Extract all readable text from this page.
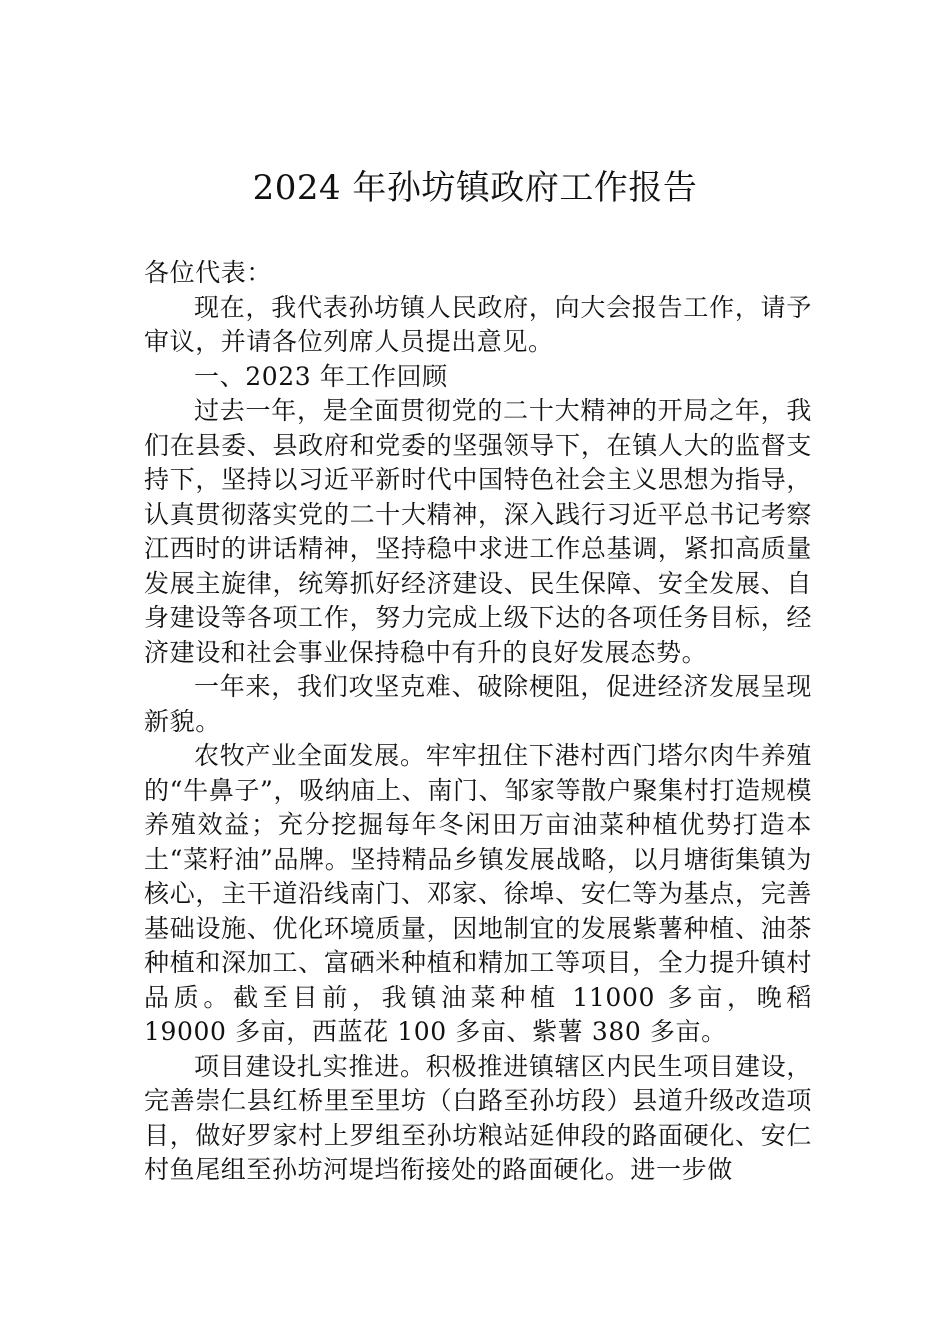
2024 年孙坊镇政府工作报告

各位代表：

现在，我代表孙坊镇人民政府，向大会报告工作，请予审议，并请各位列席人员提出意见。

一、2023 年工作回顾

过去一年，是全面贯彻党的二十大精神的开局之年，我们在县委、县政府和党委的坚强领导下，在镇人大的监督支持下，坚持以习近平新时代中国特色社会主义思想为指导，认真贯彻落实党的二十大精神，深入践行习近平总书记考察江西时的讲话精神，坚持稳中求进工作总基调，紧扣高质量发展主旋律，统筹抓好经济建设、民生保障、安全发展、自身建设等各项工作，努力完成上级下达的各项任务目标，经济建设和社会事业保持稳中有升的良好发展态势。

一年来，我们攻坚克难、破除梗阻，促进经济发展呈现新貌。

农牧产业全面发展。牢牢扭住下港村西门塔尔肉牛养殖的“牛鼻子”，吸纳庙上、南门、邹家等散户聚集村打造规模养殖效益；充分挖掘每年冬闲田万亩油菜种植优势打造本土“菜籽油”品牌。坚持精品乡镇发展战略，以月塘街集镇为核心，主干道沿线南门、邓家、徐埠、安仁等为基点，完善基础设施、优化环境质量，因地制宜的发展紫薯种植、油茶种植和深加工、富硒米种植和精加工等项目，全力提升镇村品质。截至目前，我镇油菜种植 11000 多亩，晚稻 19000 多亩，西蓝花 100 多亩、紫薯 380 多亩。

项目建设扎实推进。积极推进镇辖区内民生项目建设，完善崇仁县红桥里至里坊（白路至孙坊段）县道升级改造项目，做好罗家村上罗组至孙坊粮站延伸段的路面硬化、安仁村鱼尾组至孙坊河堤垱衔接处的路面硬化。进一步做
